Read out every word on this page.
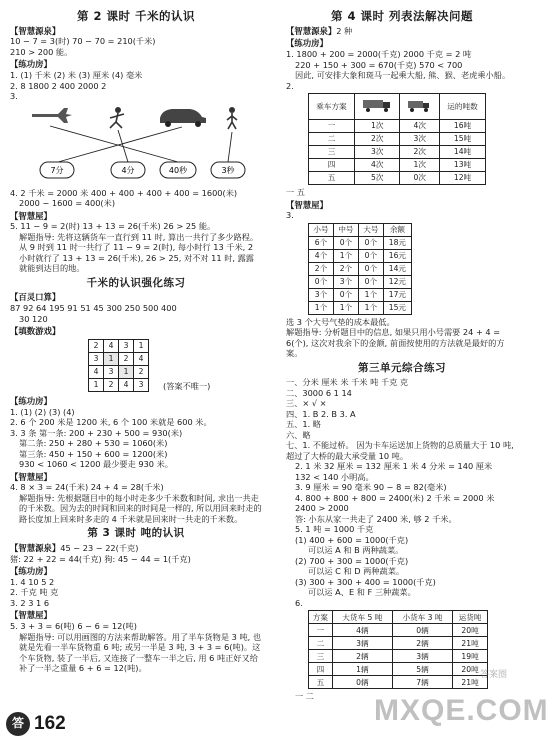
第 2 课时 千米的认识
【智慧源泉】
10 − 7 = 3(时) 70 − 70 = 210(千米)
210 > 200 能。
【练功房】
1. (1) 千米 (2) 米 (3) 厘米 (4) 毫米
2. 8 1800 2 400 2000 2
3.
7分	4分	40秒	3秒
4. 2 千米 = 2000 米 400 + 400 + 400 + 400 = 1600(米)
2000 − 1600 = 400(米)
【智慧屋】
5. 11 − 9 = 2(时) 13 + 13 = 26(千米) 26 > 25 能。
解题指导: 先将这辆货车一直行到 11 时, 算出一共行了多少路程。从 9 时到 11 时一共行了 11 − 9 = 2(时), 每小时行 13 千米, 2 小时就行了 13 + 13 = 26(千米), 26 > 25, 对不对 11 时, 露露就能到达目的地。
千米的认识强化练习
【百灵口算】
87 92 64 195 91 51 45 300 250 500 400
30 120
【填数游戏】
2	4	3	1
3	1	2	4
4	3	1	2
1	2	4	3 (答案不唯一)
【练功房】
1. (1) (2) (3) (4)
2. 6 个 200 米是 1200 米, 6 个 100 米就是 600 米。
3. 3 条 第一条: 200 + 230 + 500 = 930(米)
第二条: 250 + 280 + 530 = 1060(米)
第三条: 450 + 150 + 600 = 1200(米)
930 < 1060 < 1200 最少要走 930 米。
【智慧屋】
4. 8 × 3 = 24(千米) 24 + 4 = 28(千米)
解题指导: 先根据题目中的每小时走多少千米数和时间, 求出一共走的千米数。因为去的时间和回来的时间是一样的, 所以用回来时走的路长度加上回来时多走的 4 千米就是回来时一共走的千米数。
第 3 课时 吨的认识
【智慧源泉】45 − 23 − 22(千克)
猪: 22 + 22 = 44(千克) 狗: 45 − 44 = 1(千克)
【练功房】
1. 4 10 5 2
2. 千克 吨 克
3. 2 3 1 6
【智慧屋】
5. 3 + 3 = 6(吨) 6 − 6 = 12(吨)
解题指导: 可以用画图的方法来帮助解答。用了半车货物是 3 吨, 也就是先看一半车货物重 6 吨; 或另一半是 3 吨, 3 + 3 = 6(吨)。这个车货物, 装了一半后, 又连接了一整车一半之后, 用 6 吨正好又给补了一半之重量 6 + 6 = 12(吨)。
第 4 课时 列表法解决问题
【智慧源泉】2 种
【练功房】
1. 1800 + 200 = 2000(千克) 2000 千克 = 2 吨
220 + 150 + 300 = 670(千克) 570 < 700
因此, 可安排大象和斑马一起乘大船, 熊、猴、老虎乘小船。
2.
乘车方案			运的吨数
一	1次	4次	16吨
二	2次	3次	15吨
三	3次	2次	14吨
四	4次	1次	13吨
五	5次	0次	12吨
一 五
【智慧屋】
3.
小号	中号	大号	余额
6个	0个	0个	18元
4个	1个	0个	16元
2个	2个	0个	14元
0个	3个	0个	12元
3个	0个	1个	17元
1个	1个	1个	15元
选 3 个大号气垫的成本最低。
解题指导: 分析题目中的信息, 如果只用小号需要 24 + 4 = 6(个), 这次对我余下的金额, 前面按使用的方法就是最好的方案。
第三单元综合练习
一、分米 厘米 米 千米 吨 千克 克
二、3000 6 1 14
三、× √ ×
四、1. B 2. B 3. A
五、1. 略
六、略
七、1. 不能过桥。 因为卡车运送加上货物的总质量大于 10 吨, 超过了大桥的最大承受量 10 吨。
2. 1 米 32 厘米 = 132 厘米 1 米 4 分米 = 140 厘米
132 < 140 小明高。
3. 9 厘米 = 90 毫米 90 − 8 = 82(毫米)
4. 800 + 800 + 800 = 2400(米) 2 千米 = 2000 米
2400 > 2000
答: 小东从家一共走了 2400 米, 够 2 千米。
5. 1 吨 = 1000 千克
(1) 400 + 600 = 1000(千克)
可以运 A 和 B 两种蔬菜。
(2) 700 + 300 = 1000(千克)
可以运 C 和 D 两种蔬菜。
(3) 300 + 300 + 400 = 1000(千克)
可以运 A、E 和 F 三种蔬菜。
6.
方案	大货车 5 吨	小货车 3 吨	运货吨
一	4辆	0辆	20吨
二	3辆	2辆	21吨
三	2辆	3辆	19吨
四	1辆	5辆	20吨
五	0辆	7辆	21吨
一 二
答 162
答案圈
MXQE.COM
